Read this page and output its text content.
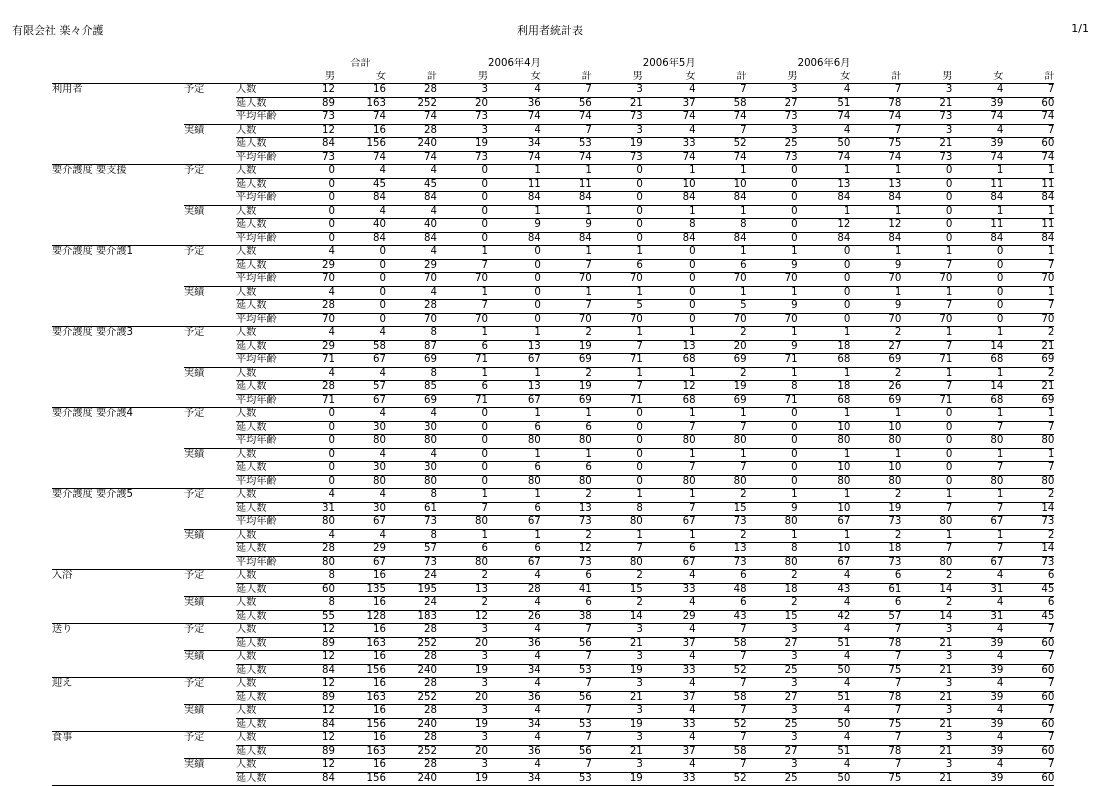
有限会社 楽々介護	利用者統計表	1/1
				合計			2006年4月			2006年5月			2006年6月				
			男	女	計	男	女	計	男	女	計	男	女	計	男	女	計
利用者	予定	人数	12	16	28	3	4	7	3	4	7	3	4	7	3	4	7
		延人数	89	163	252	20	36	56	21	37	58	27	51	78	21	39	60
		平均年齢	73	74	74	73	74	74	73	74	74	73	74	74	73	74	74
	実績	人数	12	16	28	3	4	7	3	4	7	3	4	7	3	4	7
		延人数	84	156	240	19	34	53	19	33	52	25	50	75	21	39	60
		平均年齢	73	74	74	73	74	74	73	74	74	73	74	74	73	74	74
要介護度 要支援	予定	人数	0	4	4	0	1	1	0	1	1	0	1	1	0	1	1
		延人数	0	45	45	0	11	11	0	10	10	0	13	13	0	11	11
		平均年齢	0	84	84	0	84	84	0	84	84	0	84	84	0	84	84
	実績	人数	0	4	4	0	1	1	0	1	1	0	1	1	0	1	1
		延人数	0	40	40	0	9	9	0	8	8	0	12	12	0	11	11
		平均年齢	0	84	84	0	84	84	0	84	84	0	84	84	0	84	84
要介護度 要介護1	予定	人数	4	0	4	1	0	1	1	0	1	1	0	1	1	0	1
		延人数	29	0	29	7	0	7	6	0	6	9	0	9	7	0	7
		平均年齢	70	0	70	70	0	70	70	0	70	70	0	70	70	0	70
	実績	人数	4	0	4	1	0	1	1	0	1	1	0	1	1	0	1
		延人数	28	0	28	7	0	7	5	0	5	9	0	9	7	0	7
		平均年齢	70	0	70	70	0	70	70	0	70	70	0	70	70	0	70
要介護度 要介護3	予定	人数	4	4	8	1	1	2	1	1	2	1	1	2	1	1	2
		延人数	29	58	87	6	13	19	7	13	20	9	18	27	7	14	21
		平均年齢	71	67	69	71	67	69	71	68	69	71	68	69	71	68	69
	実績	人数	4	4	8	1	1	2	1	1	2	1	1	2	1	1	2
		延人数	28	57	85	6	13	19	7	12	19	8	18	26	7	14	21
		平均年齢	71	67	69	71	67	69	71	68	69	71	68	69	71	68	69
要介護度 要介護4	予定	人数	0	4	4	0	1	1	0	1	1	0	1	1	0	1	1
		延人数	0	30	30	0	6	6	0	7	7	0	10	10	0	7	7
		平均年齢	0	80	80	0	80	80	0	80	80	0	80	80	0	80	80
	実績	人数	0	4	4	0	1	1	0	1	1	0	1	1	0	1	1
		延人数	0	30	30	0	6	6	0	7	7	0	10	10	0	7	7
		平均年齢	0	80	80	0	80	80	0	80	80	0	80	80	0	80	80
要介護度 要介護5	予定	人数	4	4	8	1	1	2	1	1	2	1	1	2	1	1	2
		延人数	31	30	61	7	6	13	8	7	15	9	10	19	7	7	14
		平均年齢	80	67	73	80	67	73	80	67	73	80	67	73	80	67	73
	実績	人数	4	4	8	1	1	2	1	1	2	1	1	2	1	1	2
		延人数	28	29	57	6	6	12	7	6	13	8	10	18	7	7	14
		平均年齢	80	67	73	80	67	73	80	67	73	80	67	73	80	67	73
入浴	予定	人数	8	16	24	2	4	6	2	4	6	2	4	6	2	4	6
		延人数	60	135	195	13	28	41	15	33	48	18	43	61	14	31	45
	実績	人数	8	16	24	2	4	6	2	4	6	2	4	6	2	4	6
		延人数	55	128	183	12	26	38	14	29	43	15	42	57	14	31	45
送り	予定	人数	12	16	28	3	4	7	3	4	7	3	4	7	3	4	7
		延人数	89	163	252	20	36	56	21	37	58	27	51	78	21	39	60
	実績	人数	12	16	28	3	4	7	3	4	7	3	4	7	3	4	7
		延人数	84	156	240	19	34	53	19	33	52	25	50	75	21	39	60
迎え	予定	人数	12	16	28	3	4	7	3	4	7	3	4	7	3	4	7
		延人数	89	163	252	20	36	56	21	37	58	27	51	78	21	39	60
	実績	人数	12	16	28	3	4	7	3	4	7	3	4	7	3	4	7
		延人数	84	156	240	19	34	53	19	33	52	25	50	75	21	39	60
食事	予定	人数	12	16	28	3	4	7	3	4	7	3	4	7	3	4	7
		延人数	89	163	252	20	36	56	21	37	58	27	51	78	21	39	60
	実績	人数	12	16	28	3	4	7	3	4	7	3	4	7	3	4	7
		延人数	84	156	240	19	34	53	19	33	52	25	50	75	21	39	60
